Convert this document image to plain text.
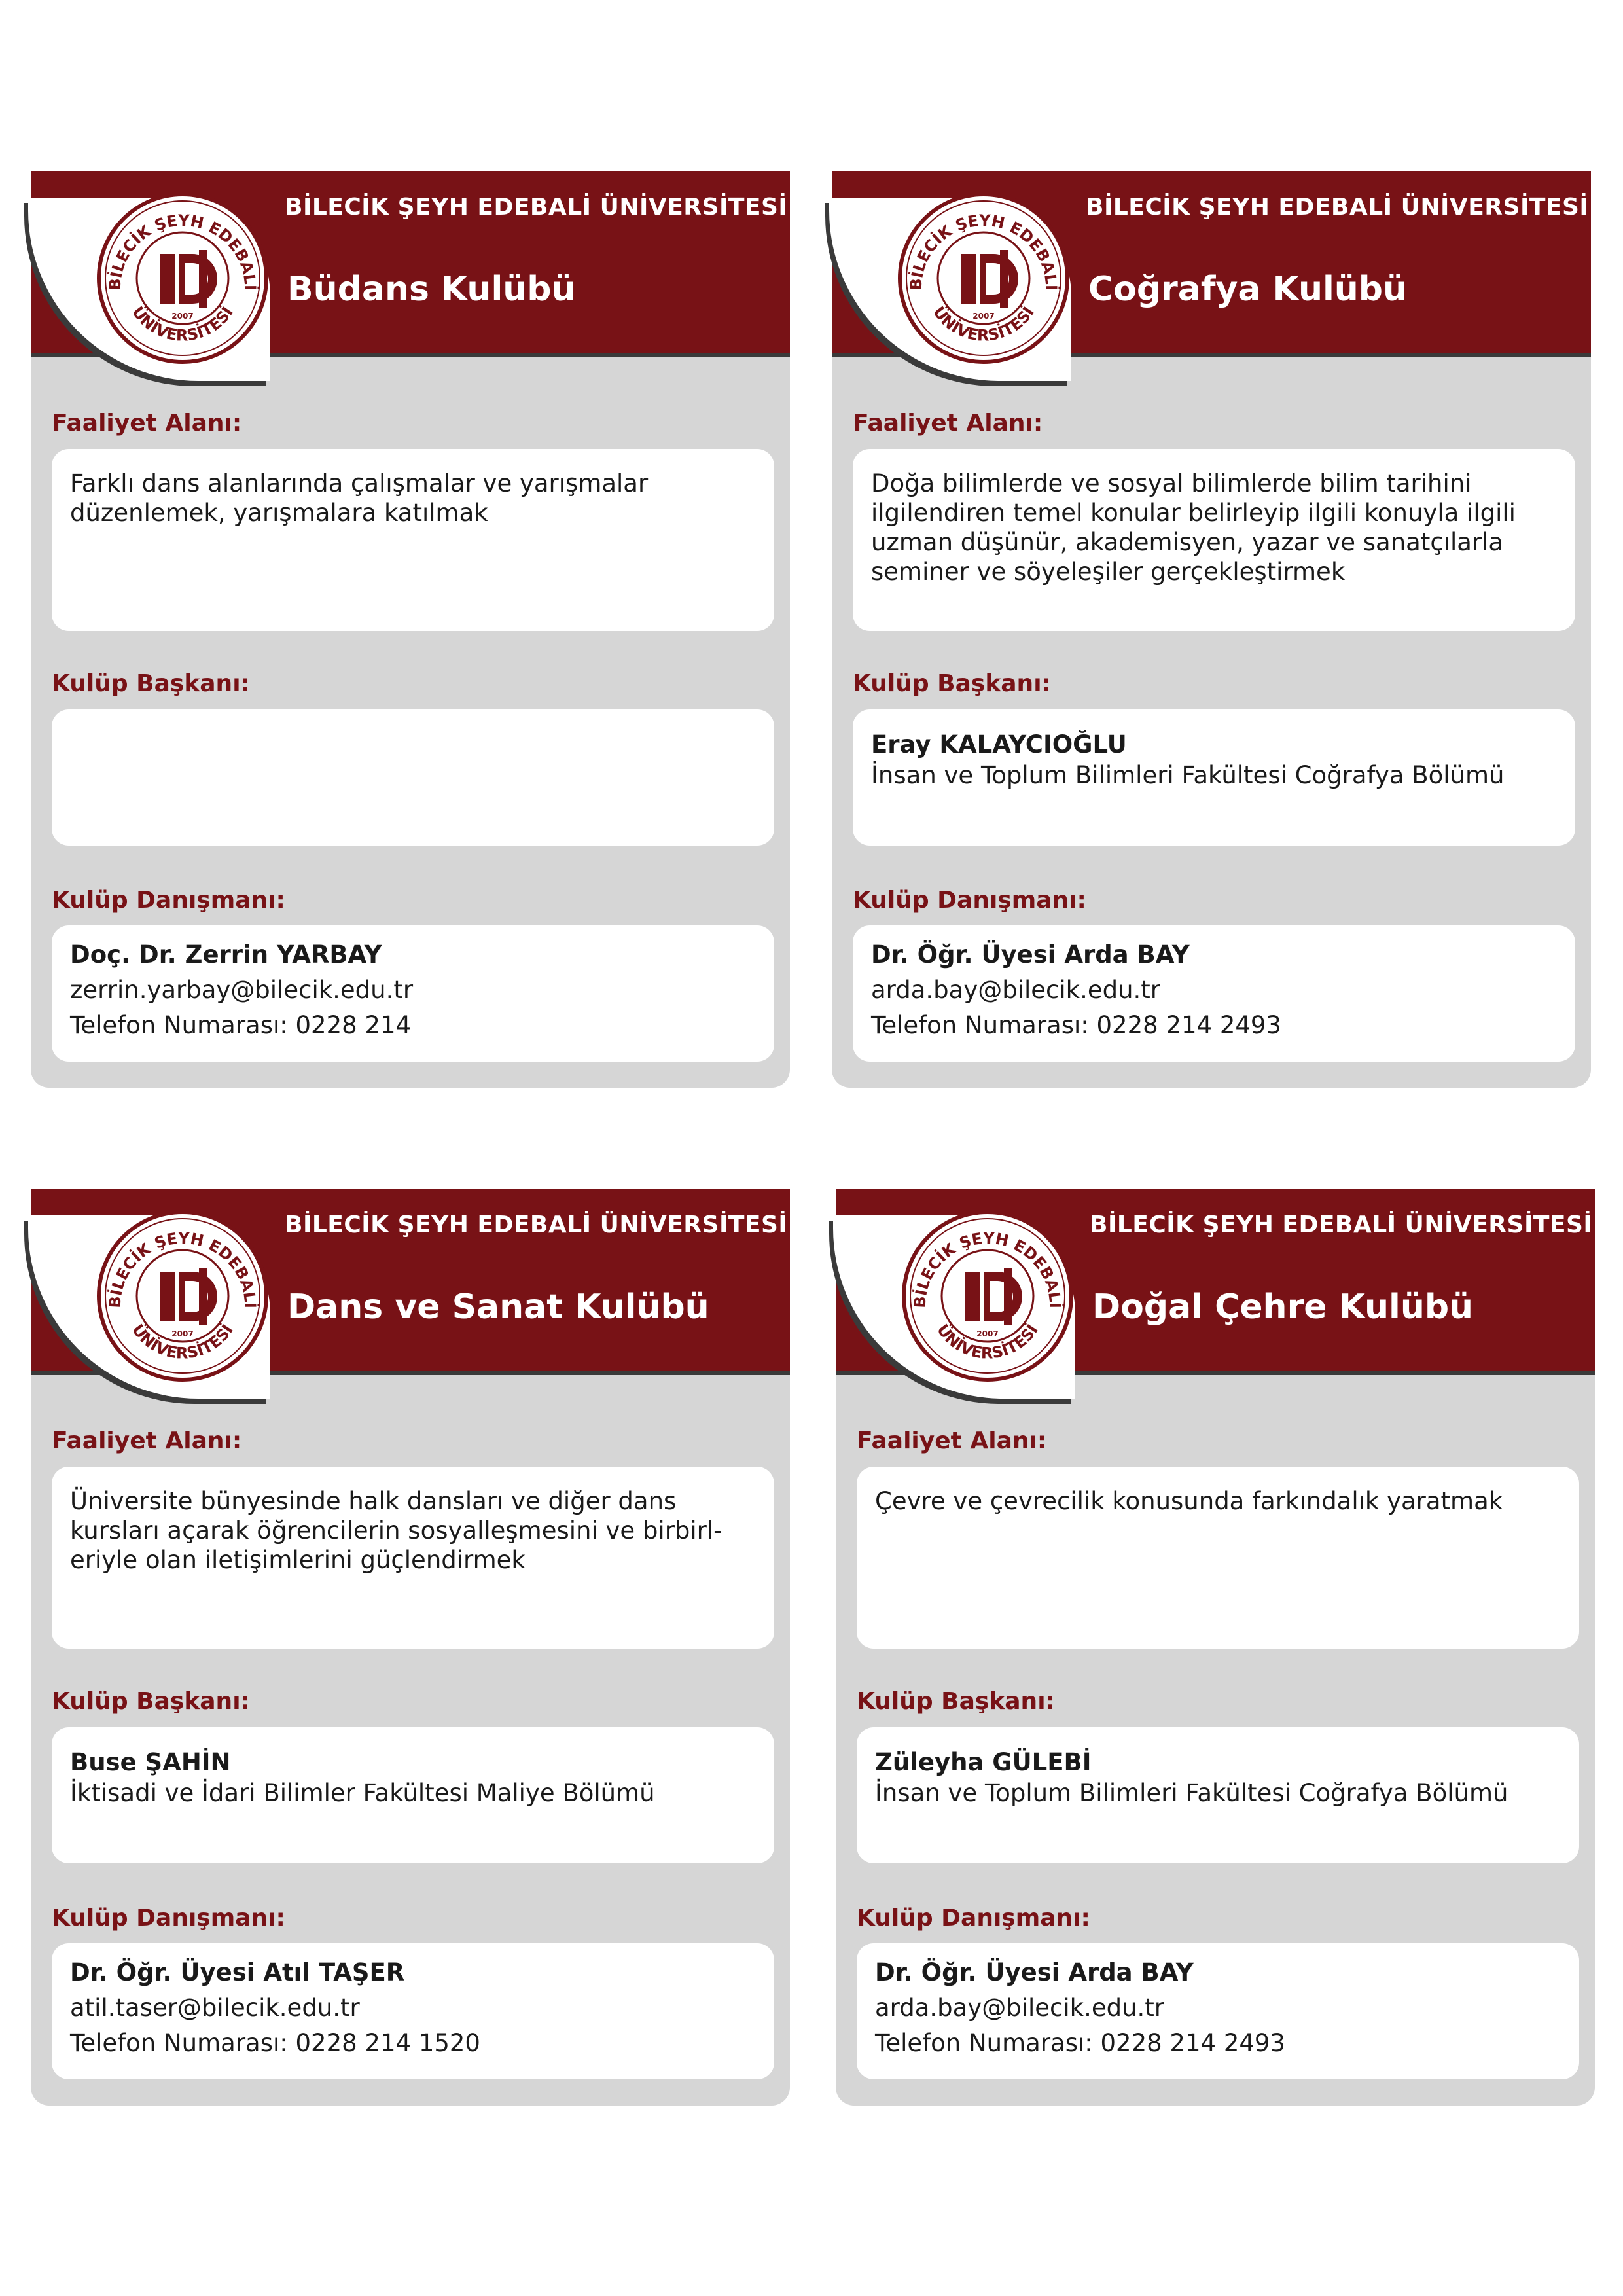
BİLECİK ŞEYH EDEBALİ
ÜNİVERSİTESİ
2007
BİLECİK ŞEYH EDEBALİ ÜNİVERSİTESİ
Büdans Kulübü
Faaliyet Alanı:
Farklı dans alanlarında çalışmalar ve yarışmalar düzenlemek, yarışmalara katılmak
Kulüp Başkanı:
Kulüp Danışmanı:
Doç. Dr. Zerrin YARBAY
zerrin.yarbay@bilecik.edu.tr
Telefon Numarası: 0228 214
BİLECİK ŞEYH EDEBALİ
ÜNİVERSİTESİ
2007
BİLECİK ŞEYH EDEBALİ ÜNİVERSİTESİ
Coğrafya Kulübü
Faaliyet Alanı:
Doğa bilimlerde ve sosyal bilimlerde bilim tarihini ilgilendiren temel konular belirleyip ilgili konuyla ilgili uzman düşünür, akademisyen, yazar ve sanatçılarla seminer ve söyeleşiler gerçekleştirmek
Kulüp Başkanı:
Eray KALAYCIOĞLU
İnsan ve Toplum Bilimleri Fakültesi Coğrafya Bölümü
Kulüp Danışmanı:
Dr. Öğr. Üyesi Arda BAY
arda.bay@bilecik.edu.tr
Telefon Numarası: 0228 214 2493
BİLECİK ŞEYH EDEBALİ
ÜNİVERSİTESİ
2007
BİLECİK ŞEYH EDEBALİ ÜNİVERSİTESİ
Dans ve Sanat Kulübü
Faaliyet Alanı:
Üniversite bünyesinde halk dansları ve diğer dans kursları açarak öğrencilerin sosyalleşmesini ve birbirl-eriyle olan iletişimlerini güçlendirmek
Kulüp Başkanı:
Buse ŞAHİN
İktisadi ve İdari Bilimler Fakültesi Maliye Bölümü
Kulüp Danışmanı:
Dr. Öğr. Üyesi Atıl TAŞER
atil.taser@bilecik.edu.tr
Telefon Numarası: 0228 214 1520
BİLECİK ŞEYH EDEBALİ
ÜNİVERSİTESİ
2007
BİLECİK ŞEYH EDEBALİ ÜNİVERSİTESİ
Doğal Çehre Kulübü
Faaliyet Alanı:
Çevre ve çevrecilik konusunda farkındalık yaratmak
Kulüp Başkanı:
Züleyha GÜLEBİ
İnsan ve Toplum Bilimleri Fakültesi Coğrafya Bölümü
Kulüp Danışmanı:
Dr. Öğr. Üyesi Arda BAY
arda.bay@bilecik.edu.tr
Telefon Numarası: 0228 214 2493
